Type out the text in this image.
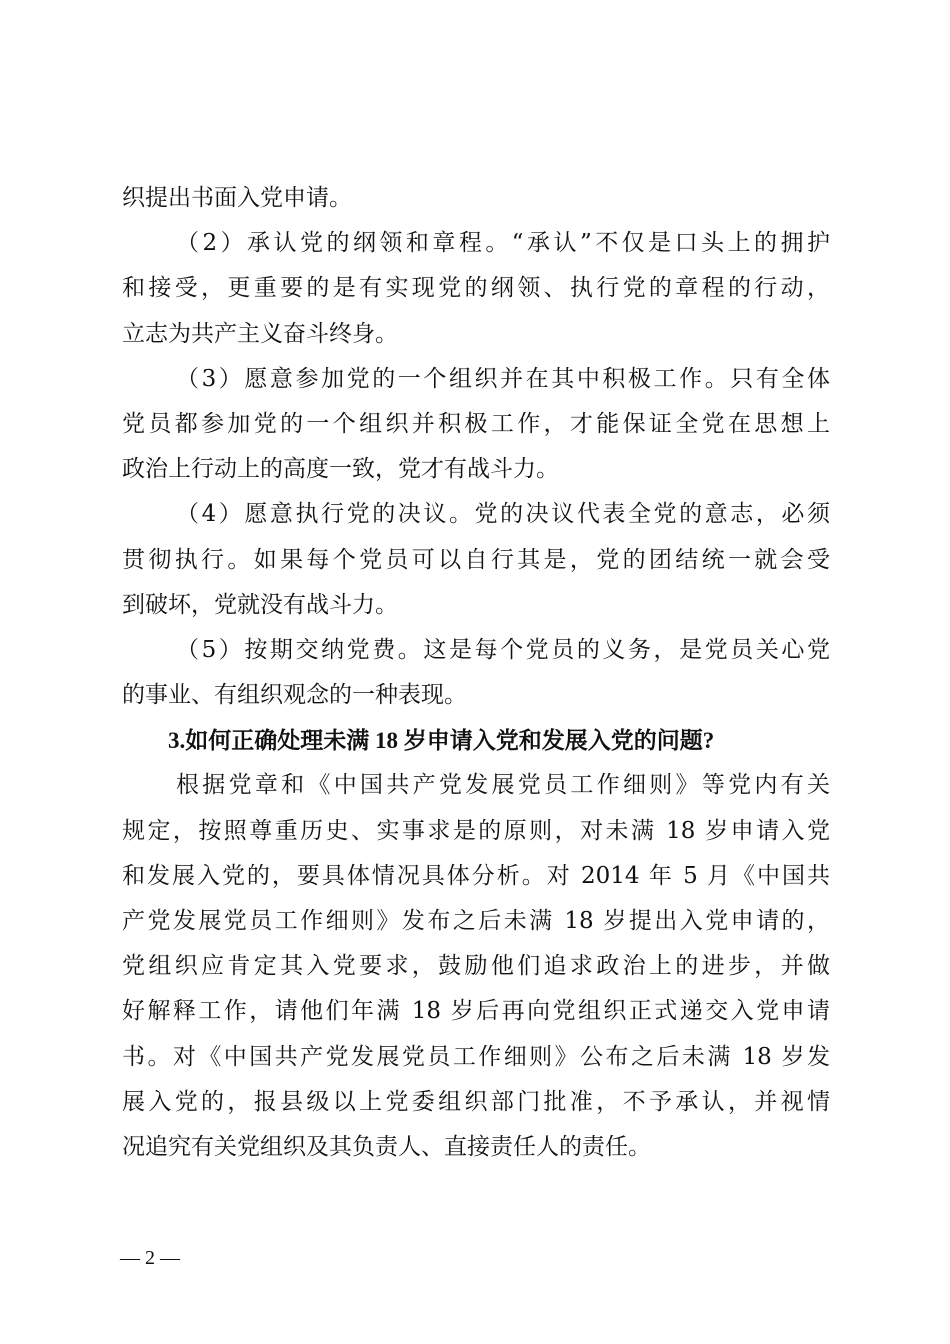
织提出书面入党申请。
（2）承认党的纲领和章程。“承认”不仅是口头上的拥护
和接受，更重要的是有实现党的纲领、执行党的章程的行动，
立志为共产主义奋斗终身。
（3）愿意参加党的一个组织并在其中积极工作。只有全体
党员都参加党的一个组织并积极工作，才能保证全党在思想上
政治上行动上的高度一致，党才有战斗力。
（4）愿意执行党的决议。党的决议代表全党的意志，必须
贯彻执行。如果每个党员可以自行其是，党的团结统一就会受
到破坏，党就没有战斗力。
（5）按期交纳党费。这是每个党员的义务，是党员关心党
的事业、有组织观念的一种表现。
3.如何正确处理未满 18 岁申请入党和发展入党的问题?
根据党章和《中国共产党发展党员工作细则》等党内有关
规定，按照尊重历史、实事求是的原则，对未满 18 岁申请入党
和发展入党的，要具体情况具体分析。对 2014 年 5 月《中国共
产党发展党员工作细则》发布之后未满 18 岁提出入党申请的，
党组织应肯定其入党要求，鼓励他们追求政治上的进步，并做
好解释工作，请他们年满 18 岁后再向党组织正式递交入党申请
书。对《中国共产党发展党员工作细则》公布之后未满 18 岁发
展入党的，报县级以上党委组织部门批准，不予承认，并视情
况追究有关党组织及其负责人、直接责任人的责任。
— 2 —
